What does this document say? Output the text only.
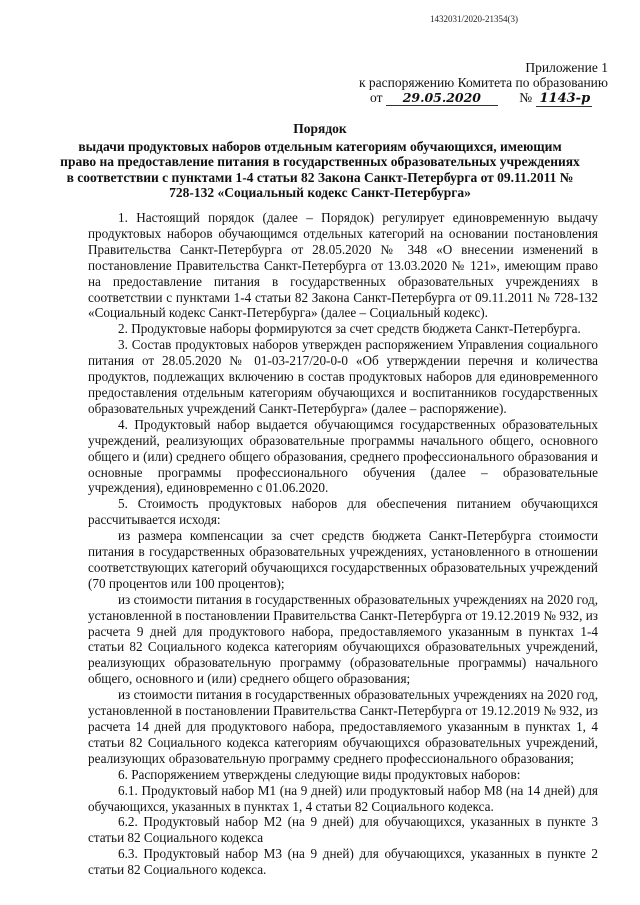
1432031/2020-21354(3)
Приложение 1
к распоряжению Комитета по образованию
от 29.05.2020	№ 1143-р
Порядок
выдачи продуктовых наборов отдельным категориям обучающихся, имеющим право на предоставление питания в государственных образовательных учреждениях в соответствии с пунктами 1-4 статьи 82 Закона Санкт-Петербурга от 09.11.2011 № 728-132 «Социальный кодекс Санкт-Петербурга»

1. Настоящий порядок (далее – Порядок) регулирует единовременную выдачу продуктовых наборов обучающимся отдельных категорий на основании постановления Правительства Санкт-Петербурга от 28.05.2020 № 348 «О внесении изменений в постановление Правительства Санкт-Петербурга от 13.03.2020 № 121», имеющим право на предоставление питания в государственных образовательных учреждениях в соответствии с пунктами 1-4 статьи 82 Закона Санкт-Петербурга от 09.11.2011 № 728-132 «Социальный кодекс Санкт-Петербурга» (далее – Социальный кодекс).

2. Продуктовые наборы формируются за счет средств бюджета Санкт-Петербурга.

3. Состав продуктовых наборов утвержден распоряжением Управления социального питания от 28.05.2020 № 01-03-217/20-0-0 «Об утверждении перечня и количества продуктов, подлежащих включению в состав продуктовых наборов для единовременного предоставления отдельным категориям обучающихся и воспитанников государственных образовательных учреждений Санкт-Петербурга» (далее – распоряжение).

4. Продуктовый набор выдается обучающимся государственных образовательных учреждений, реализующих образовательные программы начального общего, основного общего и (или) среднего общего образования, среднего профессионального образования и основные программы профессионального обучения (далее – образовательные учреждения), единовременно с 01.06.2020.

5. Стоимость продуктовых наборов для обеспечения питанием обучающихся рассчитывается исходя:

из размера компенсации за счет средств бюджета Санкт-Петербурга стоимости питания в государственных образовательных учреждениях, установленного в отношении соответствующих категорий обучающихся государственных образовательных учреждений (70 процентов или 100 процентов);

из стоимости питания в государственных образовательных учреждениях на 2020 год, установленной в постановлении Правительства Санкт-Петербурга от 19.12.2019 № 932, из расчета 9 дней для продуктового набора, предоставляемого указанным в пунктах 1-4 статьи 82 Социального кодекса категориям обучающихся образовательных учреждений, реализующих образовательную программу (образовательные программы) начального общего, основного и (или) среднего общего образования;

из стоимости питания в государственных образовательных учреждениях на 2020 год, установленной в постановлении Правительства Санкт-Петербурга от 19.12.2019 № 932, из расчета 14 дней для продуктового набора, предоставляемого указанным в пунктах 1, 4 статьи 82 Социального кодекса категориям обучающихся образовательных учреждений, реализующих образовательную программу среднего профессионального образования;

6. Распоряжением утверждены следующие виды продуктовых наборов:

6.1. Продуктовый набор М1 (на 9 дней) или продуктовый набор М8 (на 14 дней) для обучающихся, указанных в пунктах 1, 4 статьи 82 Социального кодекса.

6.2. Продуктовый набор М2 (на 9 дней) для обучающихся, указанных в пункте 3 статьи 82 Социального кодекса

6.3. Продуктовый набор М3 (на 9 дней) для обучающихся, указанных в пункте 2 статьи 82 Социального кодекса.
